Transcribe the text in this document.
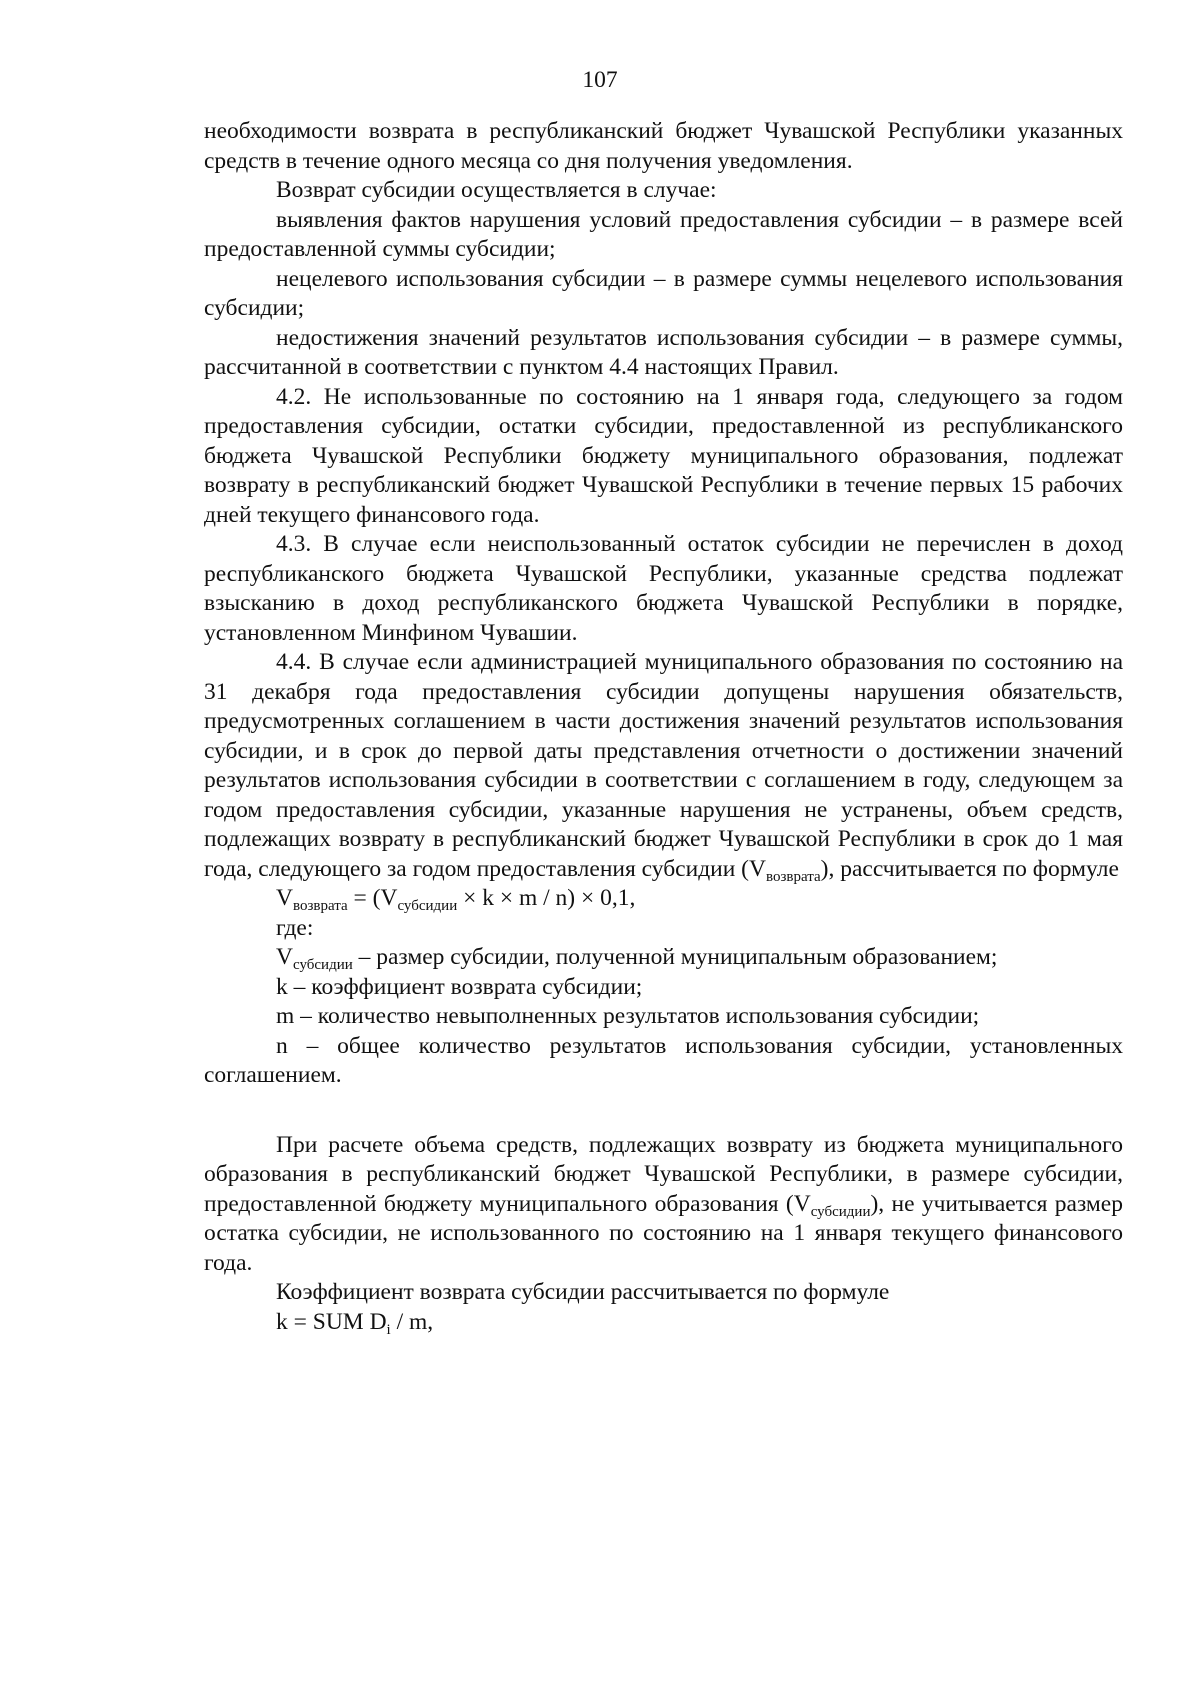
107

необходимости возврата в республиканский бюджет Чувашской Республики указанных средств в течение одного месяца со дня получения уведомления.

Возврат субсидии осуществляется в случае:

выявления фактов нарушения условий предоставления субсидии – в размере всей предоставленной суммы субсидии;

нецелевого использования субсидии – в размере суммы нецелевого использования субсидии;

недостижения значений результатов использования субсидии – в размере суммы, рассчитанной в соответствии с пунктом 4.4 настоящих Правил.

4.2. Не использованные по состоянию на 1 января года, следующего за годом предоставления субсидии, остатки субсидии, предоставленной из республиканского бюджета Чувашской Республики бюджету муниципального образования, подлежат возврату в республиканский бюджет Чувашской Республики в течение первых 15 рабочих дней текущего финансового года.

4.3. В случае если неиспользованный остаток субсидии не перечислен в доход республиканского бюджета Чувашской Республики, указанные средства подлежат взысканию в доход республиканского бюджета Чувашской Республики в порядке, установленном Минфином Чувашии.

4.4. В случае если администрацией муниципального образования по состоянию на 31 декабря года предоставления субсидии допущены нарушения обязательств, предусмотренных соглашением в части достижения значений результатов использования субсидии, и в срок до первой даты представления отчетности о достижении значений результатов использования субсидии в соответствии с соглашением в году, следующем за годом предоставления субсидии, указанные нарушения не устранены, объем средств, подлежащих возврату в республиканский бюджет Чувашской Республики в срок до 1 мая года, следующего за годом предоставления субсидии $(V_{возврата})$, рассчитывается по формуле

$V_{возврата} = (V_{субсидии} \times k \times m / n) \times 0,1$,

где:

$V_{субсидии}$ – размер субсидии, полученной муниципальным образованием;

k – коэффициент возврата субсидии;

m – количество невыполненных результатов использования субсидии;

n – общее количество результатов использования субсидии, установленных соглашением.

При расчете объема средств, подлежащих возврату из бюджета муниципального образования в республиканский бюджет Чувашской Республики, в размере субсидии, предоставленной бюджету муниципального образования $(V_{субсидии})$, не учитывается размер остатка субсидии, не использованного по состоянию на 1 января текущего финансового года.

Коэффициент возврата субсидии рассчитывается по формуле

k = SUM $D_i$ / m,
